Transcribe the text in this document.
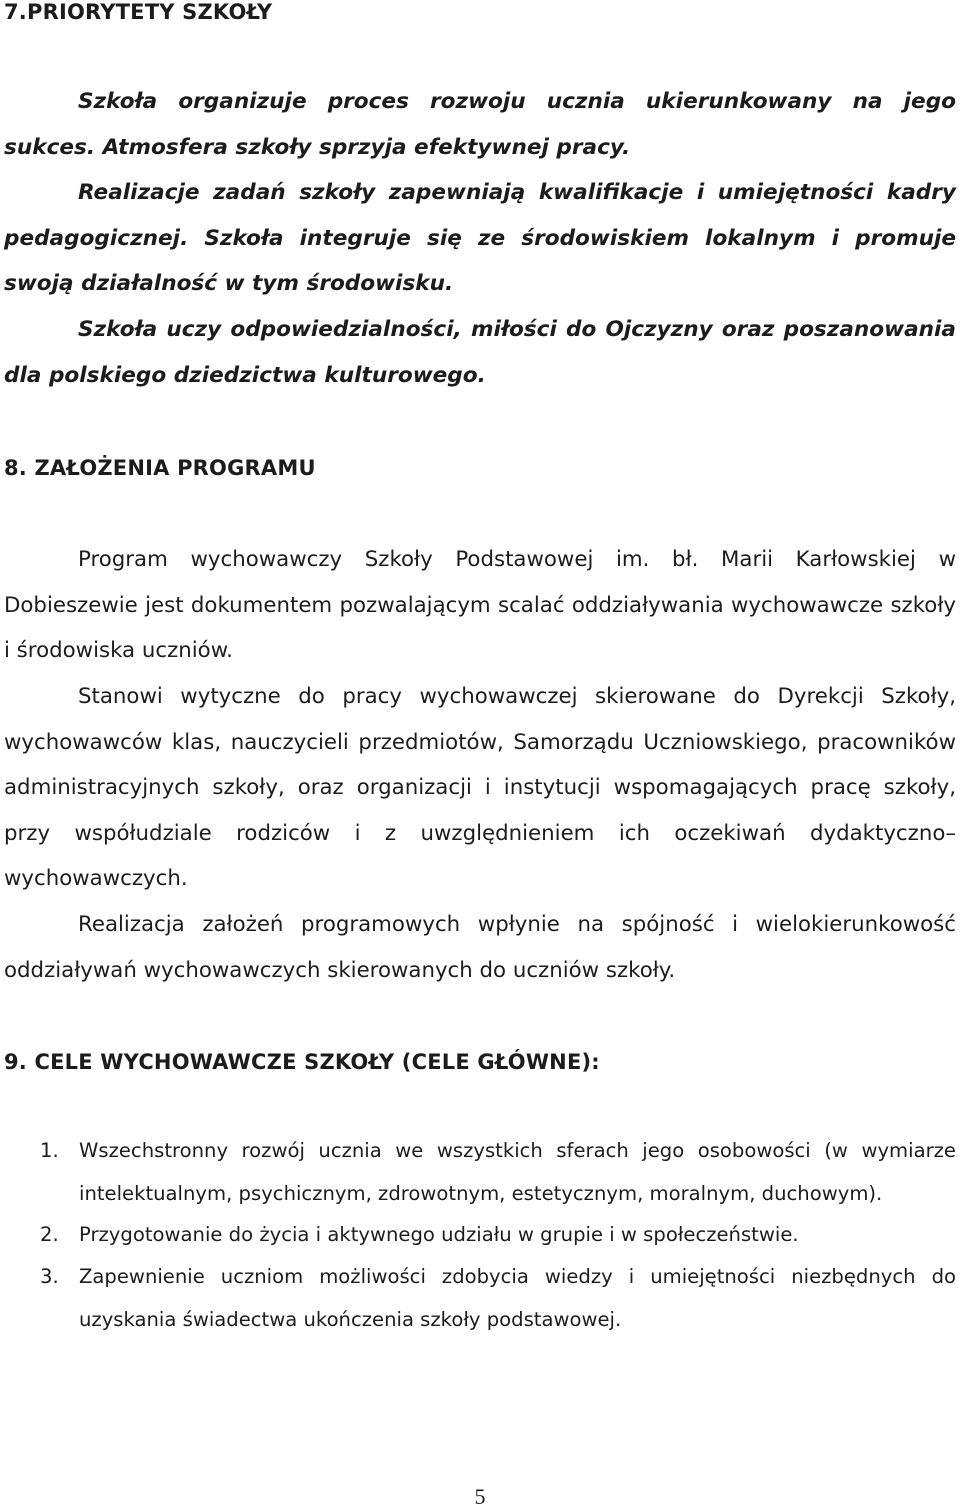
7.PRIORYTETY SZKOŁY

Szkoła organizuje proces rozwoju ucznia ukierunkowany na jego sukces. Atmosfera szkoły sprzyja efektywnej pracy.

Realizacje zadań szkoły zapewniają kwalifikacje i umiejętności kadry pedagogicznej. Szkoła integruje się ze środowiskiem lokalnym i promuje swoją działalność w tym środowisku.

Szkoła uczy odpowiedzialności, miłości do Ojczyzny oraz poszanowania dla polskiego dziedzictwa kulturowego.

8. ZAŁOŻENIA PROGRAMU

Program wychowawczy Szkoły Podstawowej im. bł. Marii Karłowskiej w Dobieszewie jest dokumentem pozwalającym scalać oddziaływania wychowawcze szkoły i środowiska uczniów.

Stanowi wytyczne do pracy wychowawczej skierowane do Dyrekcji Szkoły, wychowawców klas, nauczycieli przedmiotów, Samorządu Uczniowskiego, pracowników administracyjnych szkoły, oraz organizacji i instytucji wspomagających pracę szkoły, przy współudziale rodziców i z uwzględnieniem ich oczekiwań dydaktyczno–wychowawczych.

Realizacja założeń programowych wpłynie na spójność i wielokierunkowość oddziaływań wychowawczych skierowanych do uczniów szkoły.

9. CELE WYCHOWAWCZE SZKOŁY (CELE GŁÓWNE):
1. Wszechstronny rozwój ucznia we wszystkich sferach jego osobowości (w wymiarze intelektualnym, psychicznym, zdrowotnym, estetycznym, moralnym, duchowym).
2. Przygotowanie do życia i aktywnego udziału w grupie i w społeczeństwie.
3. Zapewnienie uczniom możliwości zdobycia wiedzy i umiejętności niezbędnych do uzyskania świadectwa ukończenia szkoły podstawowej.
5
